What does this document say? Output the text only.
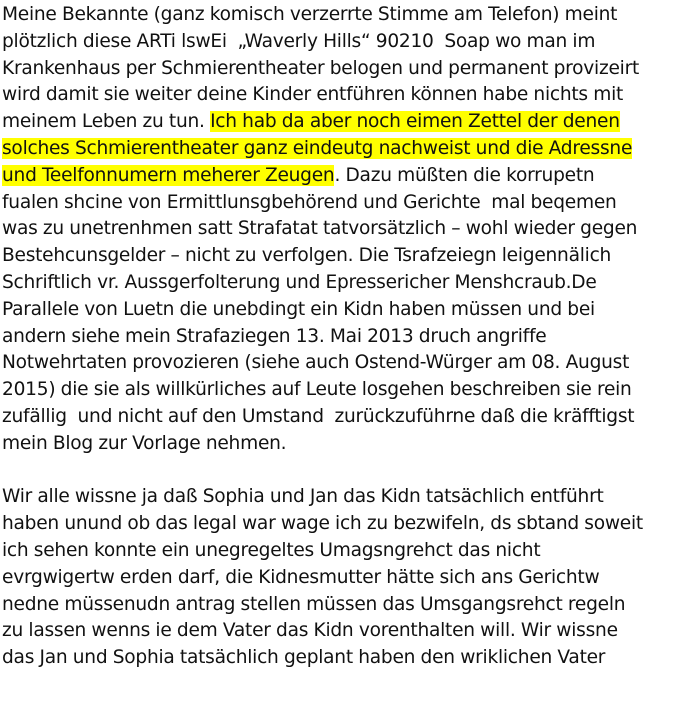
Meine Bekannte (ganz komisch verzerrte Stimme am Telefon) meint
plötzlich diese ARTi lswEi  „Waverly Hills“ 90210  Soap wo man im
Krankenhaus per Schmierentheater belogen und permanent provizeirt
wird damit sie weiter deine Kinder entführen können habe nichts mit
meinem Leben zu tun. Ich hab da aber noch eimen Zettel der denen
solches Schmierentheater ganz eindeutg nachweist und die Adressne
und Teelfonnumern meherer Zeugen. Dazu müßten die korrupetn
fualen shcine von Ermittlunsgbehörend und Gerichte  mal beqemen
was zu unetrenhmen satt Strafatat tatvorsätzlich – wohl wieder gegen
Bestehcunsgelder – nicht zu verfolgen. Die Tsrafzeiegn leigennälich
Schriftlich vr. Aussgerfolterung und Epressericher Menshcraub.De
Parallele von Luetn die unebdingt ein Kidn haben müssen und bei
andern siehe mein Strafaziegen 13. Mai 2013 druch angriffe
Notwehrtaten provozieren (siehe auch Ostend-Würger am 08. August
2015) die sie als willkürliches auf Leute losgehen beschreiben sie rein
zufällig  und nicht auf den Umstand  zurückzuführne daß die kräfftigst
mein Blog zur Vorlage nehmen.
Wir alle wissne ja daß Sophia und Jan das Kidn tatsächlich entführt
haben unund ob das legal war wage ich zu bezwifeln, ds sbtand soweit
ich sehen konnte ein unegregeltes Umagsngrehct das nicht
evrgwigertw erden darf, die Kidnesmutter hätte sich ans Gerichtw
nedne müssenudn antrag stellen müssen das Umsgangsrehct regeln
zu lassen wenns ie dem Vater das Kidn vorenthalten will. Wir wissne
das Jan und Sophia tatsächlich geplant haben den wriklichen Vater
